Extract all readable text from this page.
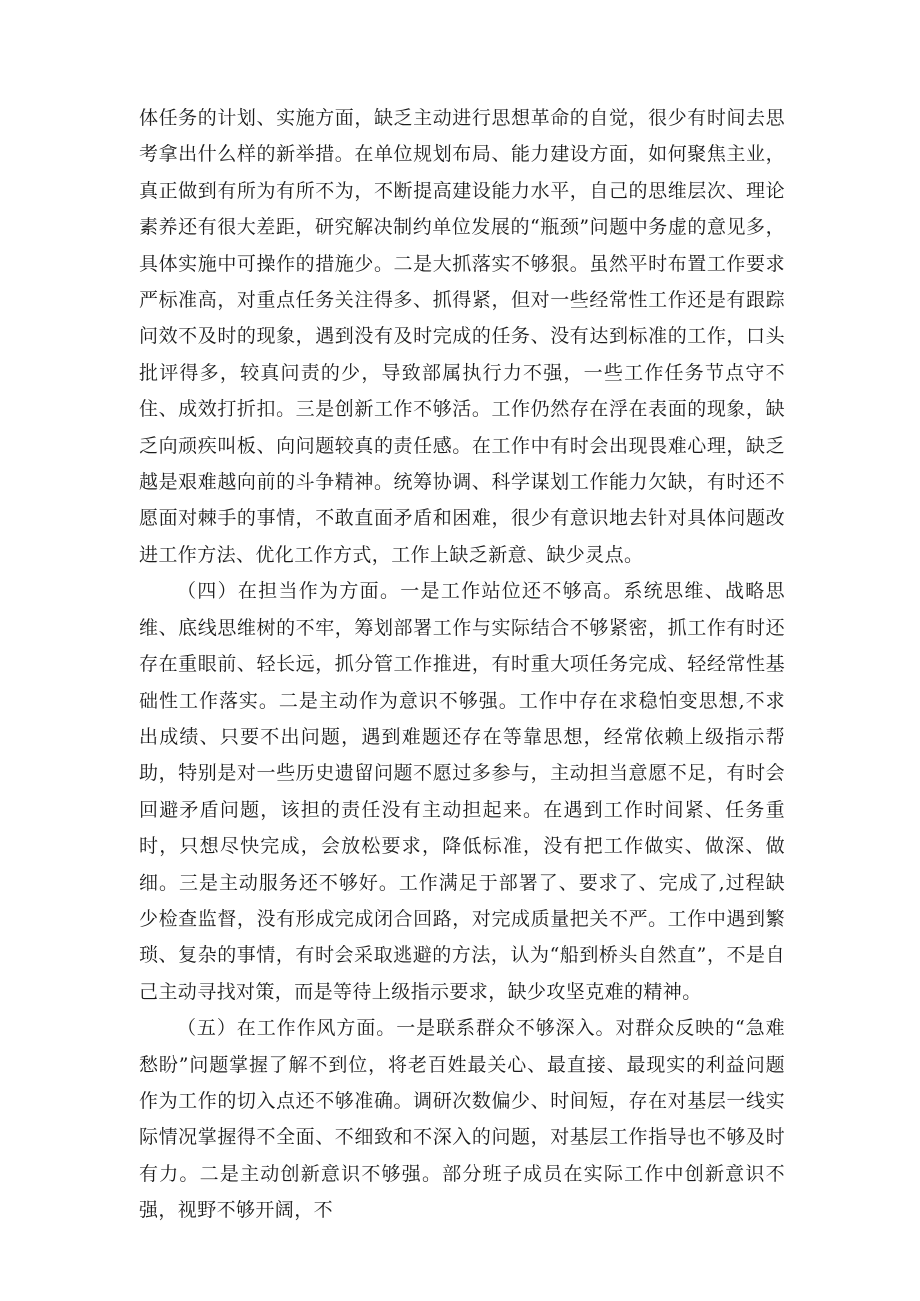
体任务的计划、实施方面，缺乏主动进行思想革命的自觉，很少有时间去思考拿出什么样的新举措。在单位规划布局、能力建设方面，如何聚焦主业，真正做到有所为有所不为，不断提高建设能力水平，自己的思维层次、理论素养还有很大差距，研究解决制约单位发展的“瓶颈”问题中务虚的意见多，具体实施中可操作的措施少。二是大抓落实不够狠。虽然平时布置工作要求严标准高，对重点任务关注得多、抓得紧，但对一些经常性工作还是有跟踪问效不及时的现象，遇到没有及时完成的任务、没有达到标准的工作，口头批评得多，较真问责的少，导致部属执行力不强，一些工作任务节点守不住、成效打折扣。三是创新工作不够活。工作仍然存在浮在表面的现象，缺乏向顽疾叫板、向问题较真的责任感。在工作中有时会出现畏难心理，缺乏越是艰难越向前的斗争精神。统筹协调、科学谋划工作能力欠缺，有时还不愿面对棘手的事情，不敢直面矛盾和困难，很少有意识地去针对具体问题改进工作方法、优化工作方式，工作上缺乏新意、缺少灵点。

（四）在担当作为方面。一是工作站位还不够高。系统思维、战略思维、底线思维树的不牢，筹划部署工作与实际结合不够紧密，抓工作有时还存在重眼前、轻长远，抓分管工作推进，有时重大项任务完成、轻经常性基础性工作落实。二是主动作为意识不够强。工作中存在求稳怕变思想,不求出成绩、只要不出问题，遇到难题还存在等靠思想，经常依赖上级指示帮助，特别是对一些历史遗留问题不愿过多参与，主动担当意愿不足，有时会回避矛盾问题，该担的责任没有主动担起来。在遇到工作时间紧、任务重时，只想尽快完成，会放松要求，降低标准，没有把工作做实、做深、做细。三是主动服务还不够好。工作满足于部署了、要求了、完成了,过程缺少检查监督，没有形成完成闭合回路，对完成质量把关不严。工作中遇到繁琐、复杂的事情，有时会采取逃避的方法，认为“船到桥头自然直”，不是自己主动寻找对策，而是等待上级指示要求，缺少攻坚克难的精神。

（五）在工作作风方面。一是联系群众不够深入。对群众反映的“急难愁盼”问题掌握了解不到位，将老百姓最关心、最直接、最现实的利益问题作为工作的切入点还不够准确。调研次数偏少、时间短，存在对基层一线实际情况掌握得不全面、不细致和不深入的问题，对基层工作指导也不够及时有力。二是主动创新意识不够强。部分班子成员在实际工作中创新意识不强，视野不够开阔，不
